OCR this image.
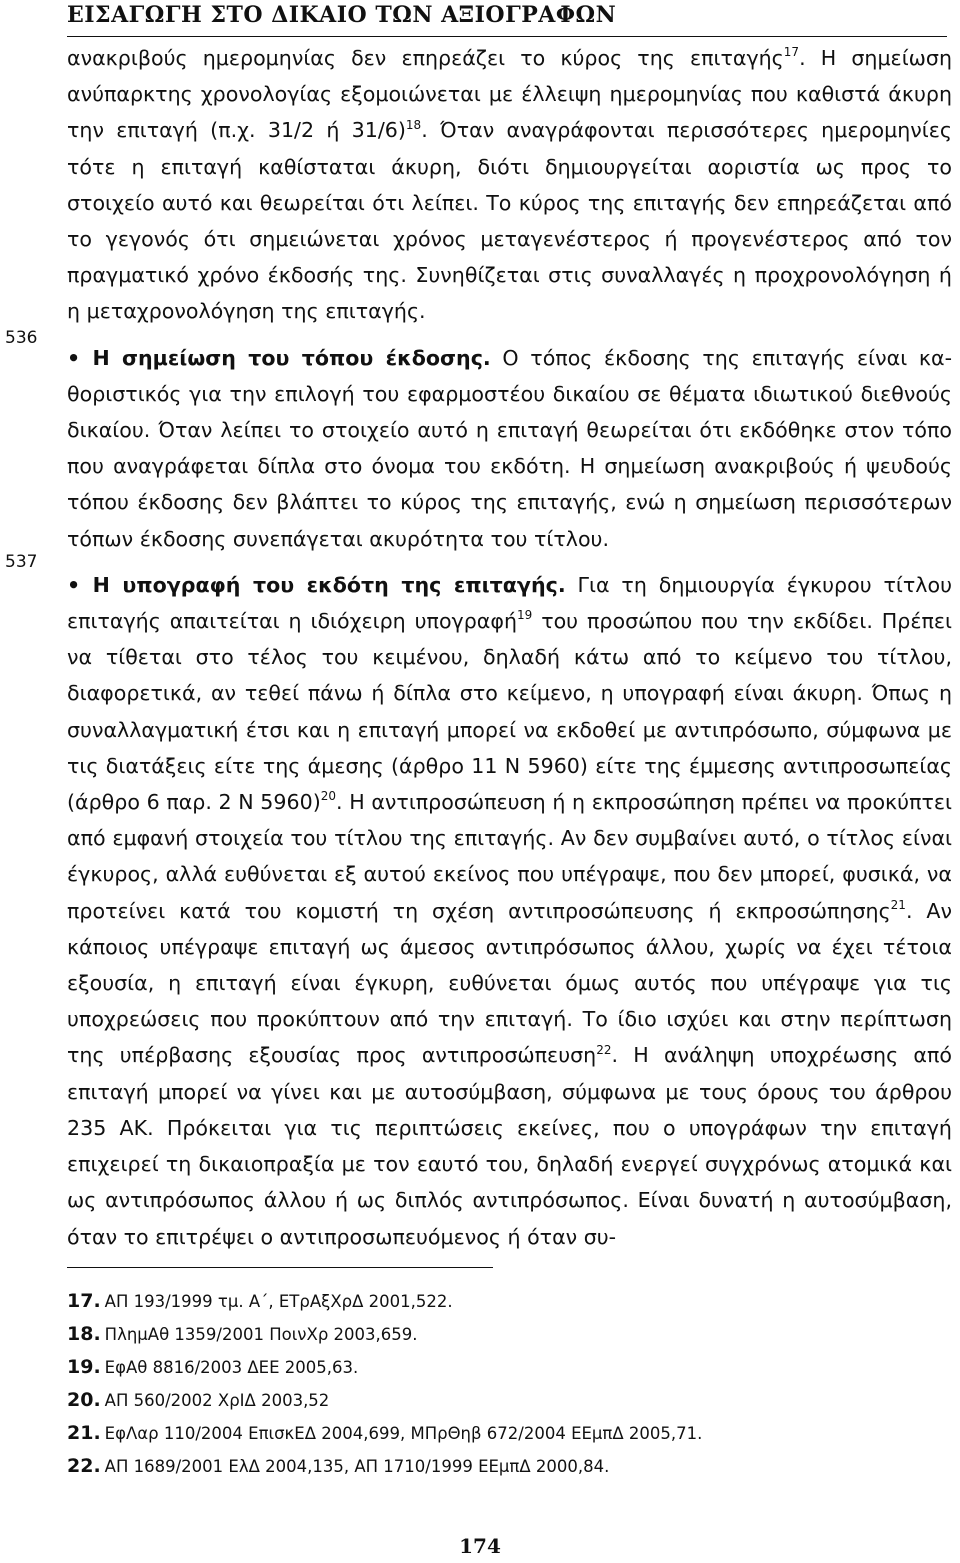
ΕΙΣΑΓΩΓΗ ΣΤΟ ΔΙΚΑΙΟ ΤΩΝ ΑΞΙΟΓΡΑΦΩΝ
536
537

ανακριβούς ημερομηνίας δεν επηρεάζει το κύρος της επιταγής$^{17}$. Η σημείωση ανύπαρκτης χρονολογίας εξομοιώνεται με έλλειψη ημερομηνίας που καθιστά άκυρη την επιταγή (π.χ. 31/2 ή 31/6)$^{18}$. Όταν αναγράφονται περισσότερες ημερομηνίες τότε η επιταγή καθίσταται άκυρη, διότι δημιουργείται αοριστία ως προς το στοιχείο αυτό και θεωρείται ότι λείπει. Το κύρος της επιταγής δεν επηρεάζεται από το γεγονός ότι σημειώνεται χρόνος μεταγενέστερος ή προγενέστερος από τον πραγματικό χρόνο έκδοσής της. Συνηθίζεται στις συναλλαγές η προχρονολόγηση ή η μεταχρονολόγηση της επιταγής.

• Η σημείωση του τόπου έκδοσης. Ο τόπος έκδοσης της επιταγής είναι καθοριστικός για την επιλογή του εφαρμοστέου δικαίου σε θέματα ιδιωτικού διεθνούς δικαίου. Όταν λείπει το στοιχείο αυτό η επιταγή θεωρείται ότι εκδόθηκε στον τόπο που αναγράφεται δίπλα στο όνομα του εκδότη. Η σημείωση ανακριβούς ή ψευδούς τόπου έκδοσης δεν βλάπτει το κύρος της επιταγής, ενώ η σημείωση περισσότερων τόπων έκδοσης συνεπάγεται ακυρότητα του τίτλου.

• Η υπογραφή του εκδότη της επιταγής. Για τη δημιουργία έγκυρου τίτλου επιταγής απαιτείται η ιδιόχειρη υπογραφή$^{19}$ του προσώπου που την εκδίδει. Πρέπει να τίθεται στο τέλος του κειμένου, δηλαδή κάτω από το κείμενο του τίτλου, διαφορετικά, αν τεθεί πάνω ή δίπλα στο κείμενο, η υπογραφή είναι άκυρη. Όπως η συναλλαγματική έτσι και η επιταγή μπορεί να εκδοθεί με αντιπρόσωπο, σύμφωνα με τις διατάξεις είτε της άμεσης (άρθρο 11 Ν 5960) είτε της έμμεσης αντιπροσωπείας (άρθρο 6 παρ. 2 Ν 5960)$^{20}$. Η αντιπροσώπευση ή η εκπροσώπηση πρέπει να προκύπτει από εμφανή στοιχεία του τίτλου της επιταγής. Αν δεν συμβαίνει αυτό, ο τίτλος είναι έγκυρος, αλλά ευθύνεται εξ αυτού εκείνος που υπέγραψε, που δεν μπορεί, φυσικά, να προτείνει κατά του κομιστή τη σχέση αντιπροσώπευσης ή εκπροσώπησης$^{21}$. Αν κάποιος υπέγραψε επιταγή ως άμεσος αντιπρόσωπος άλλου, χωρίς να έχει τέτοια εξουσία, η επιταγή είναι έγκυρη, ευθύνεται όμως αυτός που υπέγραψε για τις υποχρεώσεις που προκύπτουν από την επιταγή. Το ίδιο ισχύει και στην περίπτωση της υπέρβασης εξουσίας προς αντιπροσώπευση$^{22}$. Η ανάληψη υποχρέωσης από επιταγή μπορεί να γίνει και με αυτοσύμβαση, σύμφωνα με τους όρους του άρθρου 235 ΑΚ. Πρόκειται για τις περιπτώσεις εκείνες, που ο υπογράφων την επιταγή επιχειρεί τη δικαιοπραξία με τον εαυτό του, δηλαδή ενεργεί συγχρόνως ατομικά και ως αντιπρόσωπος άλλου ή ως διπλός αντιπρόσωπος. Είναι δυνατή η αυτοσύμβαση, όταν το επιτρέψει ο αντιπροσωπευόμενος ή όταν συ-

17. ΑΠ 193/1999 τμ. Α΄, ΕΤρΑξΧρΔ 2001,522.
18. ΠλημΑθ 1359/2001 ΠοινΧρ 2003,659.
19. ΕφΑθ 8816/2003 ΔΕΕ 2005,63.
20. ΑΠ 560/2002 ΧρΙΔ 2003,52
21. ΕφΛαρ 110/2004 ΕπισκΕΔ 2004,699, ΜΠρΘηβ 672/2004 ΕΕμπΔ 2005,71.
22. ΑΠ 1689/2001 ΕλΔ 2004,135, ΑΠ 1710/1999 ΕΕμπΔ 2000,84.
174
